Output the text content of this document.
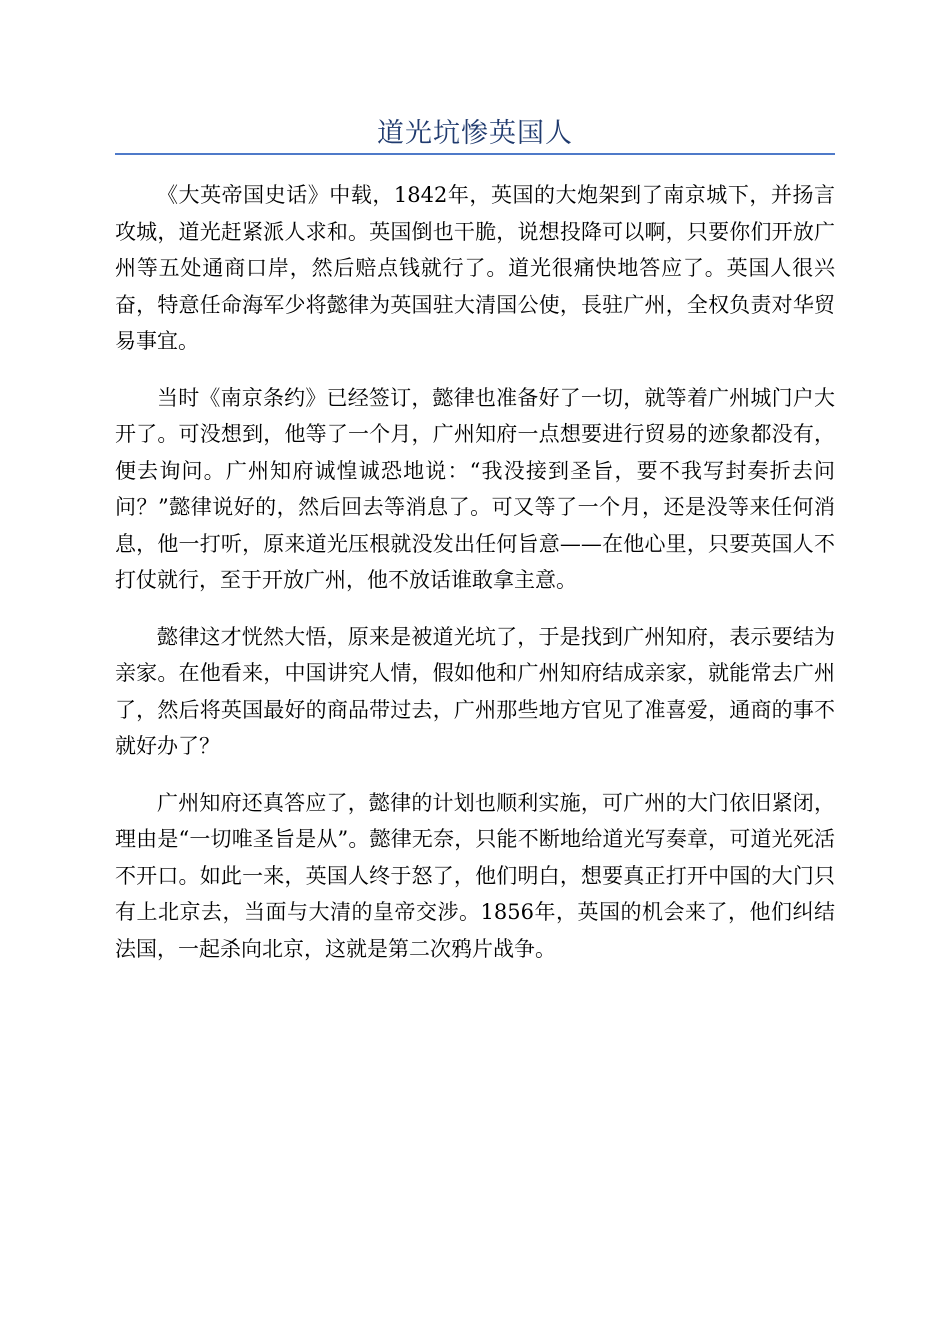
道光坑惨英国人

《大英帝国史话》中载，1842年，英国的大炮架到了南京城下，并扬言攻城，道光赶紧派人求和。英国倒也干脆，说想投降可以啊，只要你们开放广州等五处通商口岸，然后赔点钱就行了。道光很痛快地答应了。英国人很兴奋，特意任命海军少将懿律为英国驻大清国公使，長驻广州，全权负责对华贸易事宜。

当时《南京条约》已经签订，懿律也准备好了一切，就等着广州城门户大开了。可没想到，他等了一个月，广州知府一点想要进行贸易的迹象都没有，便去询问。广州知府诚惶诚恐地说：“我没接到圣旨，要不我写封奏折去问问？”懿律说好的，然后回去等消息了。可又等了一个月，还是没等来任何消息，他一打听，原来道光压根就没发出任何旨意——在他心里，只要英国人不打仗就行，至于开放广州，他不放话谁敢拿主意。

懿律这才恍然大悟，原来是被道光坑了，于是找到广州知府，表示要结为亲家。在他看来，中国讲究人情，假如他和广州知府结成亲家，就能常去广州了，然后将英国最好的商品带过去，广州那些地方官见了准喜爱，通商的事不就好办了？

广州知府还真答应了，懿律的计划也顺利实施，可广州的大门依旧紧闭，理由是“一切唯圣旨是从”。懿律无奈，只能不断地给道光写奏章，可道光死活不开口。如此一来，英国人终于怒了，他们明白，想要真正打开中国的大门只有上北京去，当面与大清的皇帝交涉。1856年，英国的机会来了，他们纠结法国，一起杀向北京，这就是第二次鸦片战争。
